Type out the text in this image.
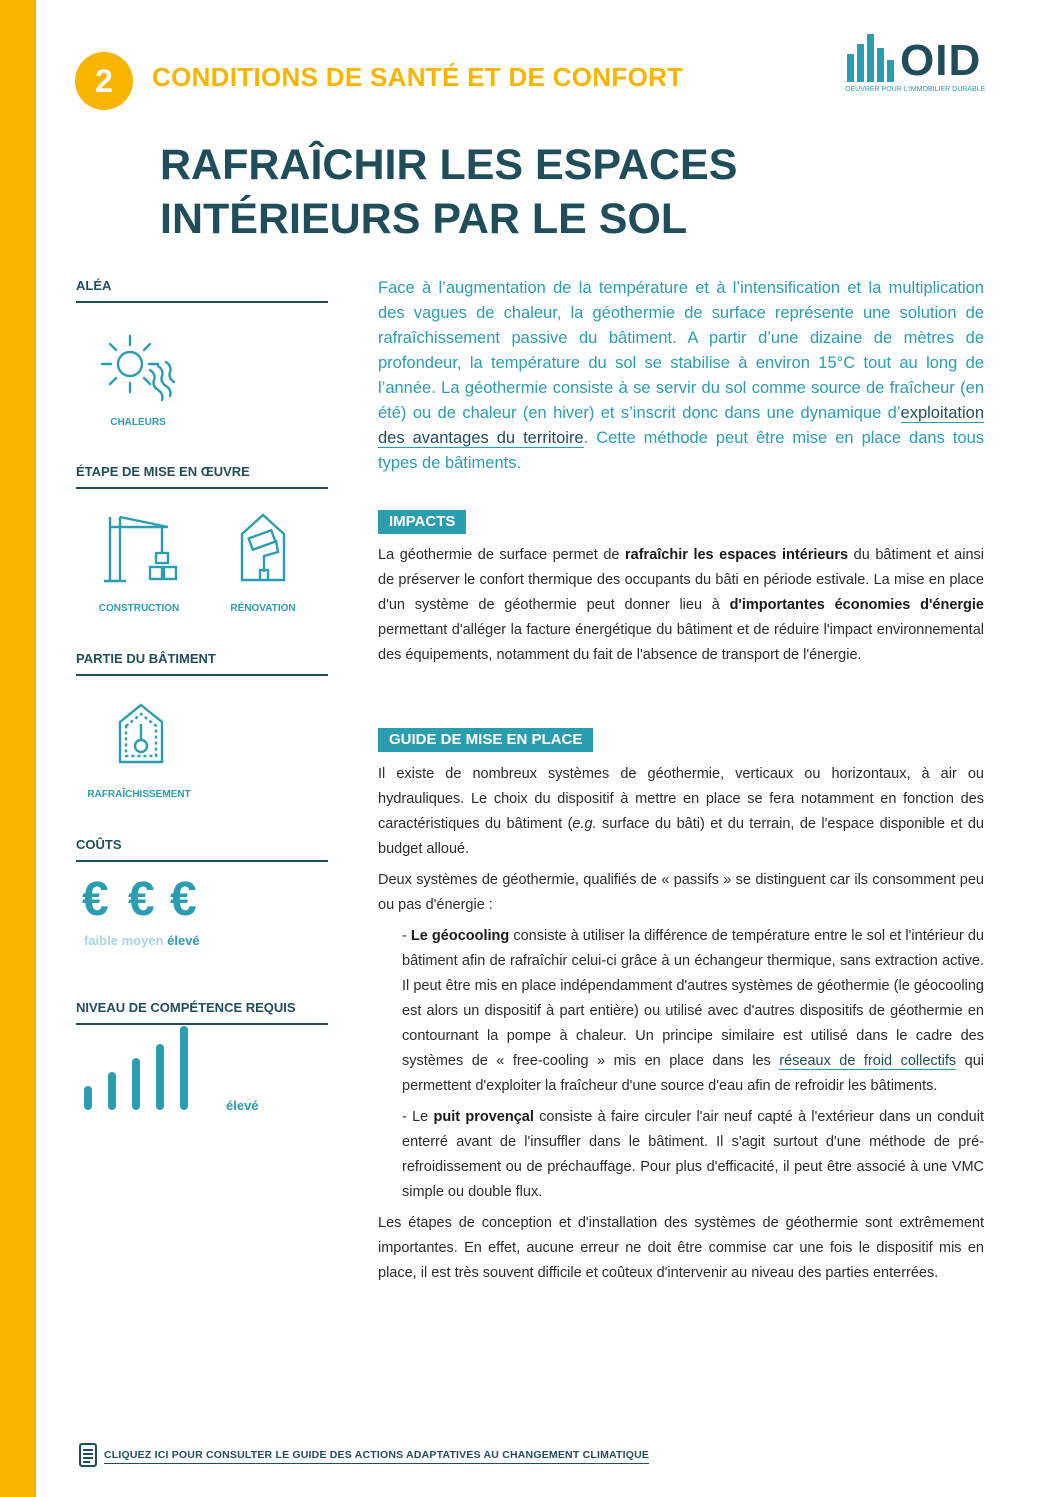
2	CONDITIONS DE SANTÉ ET DE CONFORT	OID
OEUVRER POUR L'IMMOBILIER DURABLE
RAFRAÎCHIR LES ESPACES
INTÉRIEURS PAR LE SOL
ALÉA
CHALEURS
ÉTAPE DE MISE EN ŒUVRE
CONSTRUCTION	RÉNOVATION
PARTIE DU BÂTIMENT
RAFRAÎCHISSEMENT
COÛTS
€ € €
faible moyen élevé
NIVEAU DE COMPÉTENCE REQUIS
élevé
Face à l’augmentation de la température et à l’intensification et la multiplication des vagues de chaleur, la géothermie de surface représente une solution de rafraîchissement passive du bâtiment. A partir d’une dizaine de mètres de profondeur, la température du sol se stabilise à environ 15°C tout au long de l’année. La géothermie consiste à se servir du sol comme source de fraîcheur (en été) ou de chaleur (en hiver) et s’inscrit donc dans une dynamique d’exploitation des avantages du territoire. Cette méthode peut être mise en place dans tous types de bâtiments.
IMPACTS

La géothermie de surface permet de rafraîchir les espaces intérieurs du bâtiment et ainsi de préserver le confort thermique des occupants du bâti en période estivale. La mise en place d'un système de géothermie peut donner lieu à d'importantes économies d'énergie permettant d'alléger la facture énergétique du bâtiment et de réduire l'impact environnemental des équipements, notamment du fait de l'absence de transport de l'énergie.

GUIDE DE MISE EN PLACE

Il existe de nombreux systèmes de géothermie, verticaux ou horizontaux, à air ou hydrauliques. Le choix du dispositif à mettre en place se fera notamment en fonction des caractéristiques du bâtiment (e.g. surface du bâti) et du terrain, de l'espace disponible et du budget alloué.

Deux systèmes de géothermie, qualifiés de « passifs » se distinguent car ils consomment peu ou pas d'énergie :

- Le géocooling consiste à utiliser la différence de température entre le sol et l'intérieur du bâtiment afin de rafraîchir celui-ci grâce à un échangeur thermique, sans extraction active. Il peut être mis en place indépendamment d'autres systèmes de géothermie (le géocooling est alors un dispositif à part entière) ou utilisé avec d'autres dispositifs de géothermie en contournant la pompe à chaleur. Un principe similaire est utilisé dans le cadre des systèmes de « free-cooling » mis en place dans les réseaux de froid collectifs qui permettent d'exploiter la fraîcheur d'une source d'eau afin de refroidir les bâtiments.

- Le puit provençal consiste à faire circuler l'air neuf capté à l'extérieur dans un conduit enterré avant de l'insuffler dans le bâtiment. Il s'agit surtout d'une méthode de pré-refroidissement ou de préchauffage. Pour plus d'efficacité, il peut être associé à une VMC simple ou double flux.

Les étapes de conception et d'installation des systèmes de géothermie sont extrêmement importantes. En effet, aucune erreur ne doit être commise car une fois le dispositif mis en place, il est très souvent difficile et coûteux d'intervenir au niveau des parties enterrées.

CLIQUEZ ICI POUR CONSULTER LE GUIDE DES ACTIONS ADAPTATIVES AU CHANGEMENT CLIMATIQUE
